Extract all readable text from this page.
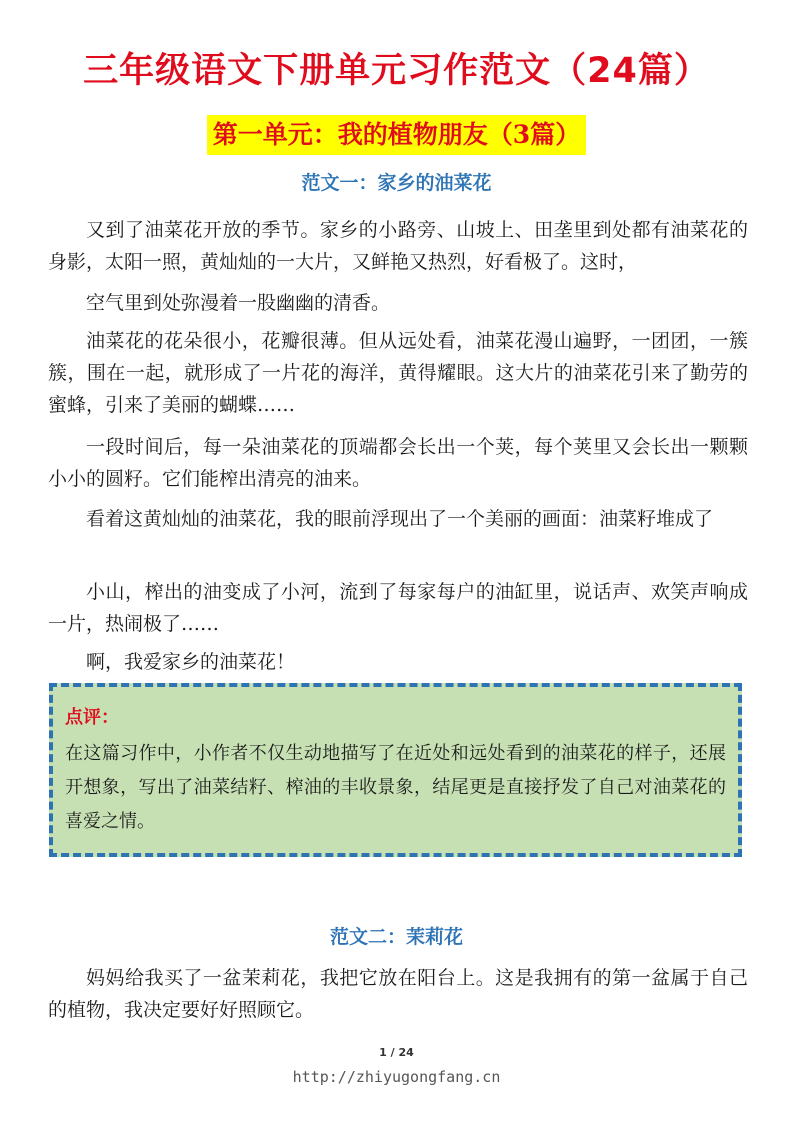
三年级语文下册单元习作范文（24篇）
第一单元：我的植物朋友（3篇）
范文一：家乡的油菜花

又到了油菜花开放的季节。家乡的小路旁、山坡上、田垄里到处都有油菜花的身影，太阳一照，黄灿灿的一大片，又鲜艳又热烈，好看极了。这时，

空气里到处弥漫着一股幽幽的清香。

油菜花的花朵很小，花瓣很薄。但从远处看，油菜花漫山遍野，一团团，一簇簇，围在一起，就形成了一片花的海洋，黄得耀眼。这大片的油菜花引来了勤劳的蜜蜂，引来了美丽的蝴蝶……

一段时间后，每一朵油菜花的顶端都会长出一个荚，每个荚里又会长出一颗颗小小的圆籽。它们能榨出清亮的油来。

看着这黄灿灿的油菜花，我的眼前浮现出了一个美丽的画面：油菜籽堆成了

小山，榨出的油变成了小河，流到了每家每户的油缸里，说话声、欢笑声响成一片，热闹极了……

啊，我爱家乡的油菜花！

点评：
在这篇习作中，小作者不仅生动地描写了在近处和远处看到的油菜花的样子，还展开想象，写出了油菜结籽、榨油的丰收景象，结尾更是直接抒发了自己对油菜花的喜爱之情。
范文二：茉莉花

妈妈给我买了一盆茉莉花，我把它放在阳台上。这是我拥有的第一盆属于自己的植物，我决定要好好照顾它。

1 / 24
http://zhiyugongfang.cn
